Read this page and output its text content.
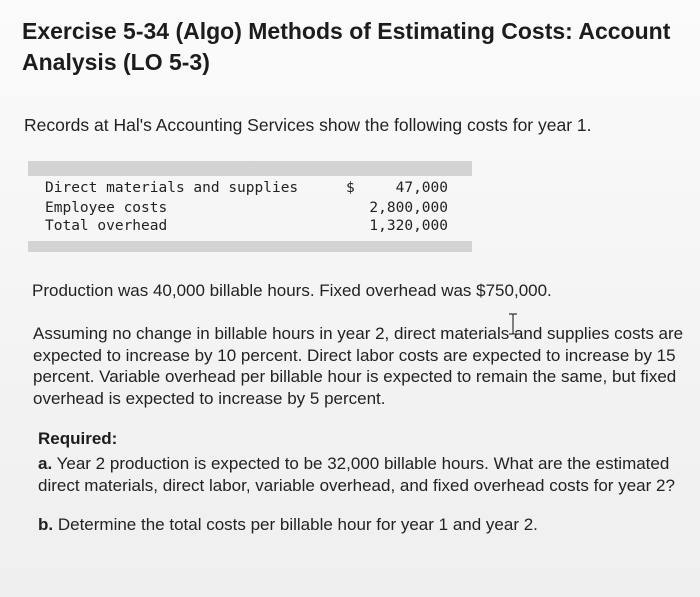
Exercise 5-34 (Algo) Methods of Estimating Costs: Account Analysis (LO 5-3)
Records at Hal's Accounting Services show the following costs for year 1.
Direct materials and supplies	$	47,000
Employee costs	2,800,000
Total overhead	1,320,000
Production was 40,000 billable hours. Fixed overhead was $750,000.
Assuming no change in billable hours in year 2, direct materials and supplies costs are expected to increase by 10 percent. Direct labor costs are expected to increase by 15 percent. Variable overhead per billable hour is expected to remain the same, but fixed overhead is expected to increase by 5 percent.
Required:
a. Year 2 production is expected to be 32,000 billable hours. What are the estimated direct materials, direct labor, variable overhead, and fixed overhead costs for year 2?
b. Determine the total costs per billable hour for year 1 and year 2.
